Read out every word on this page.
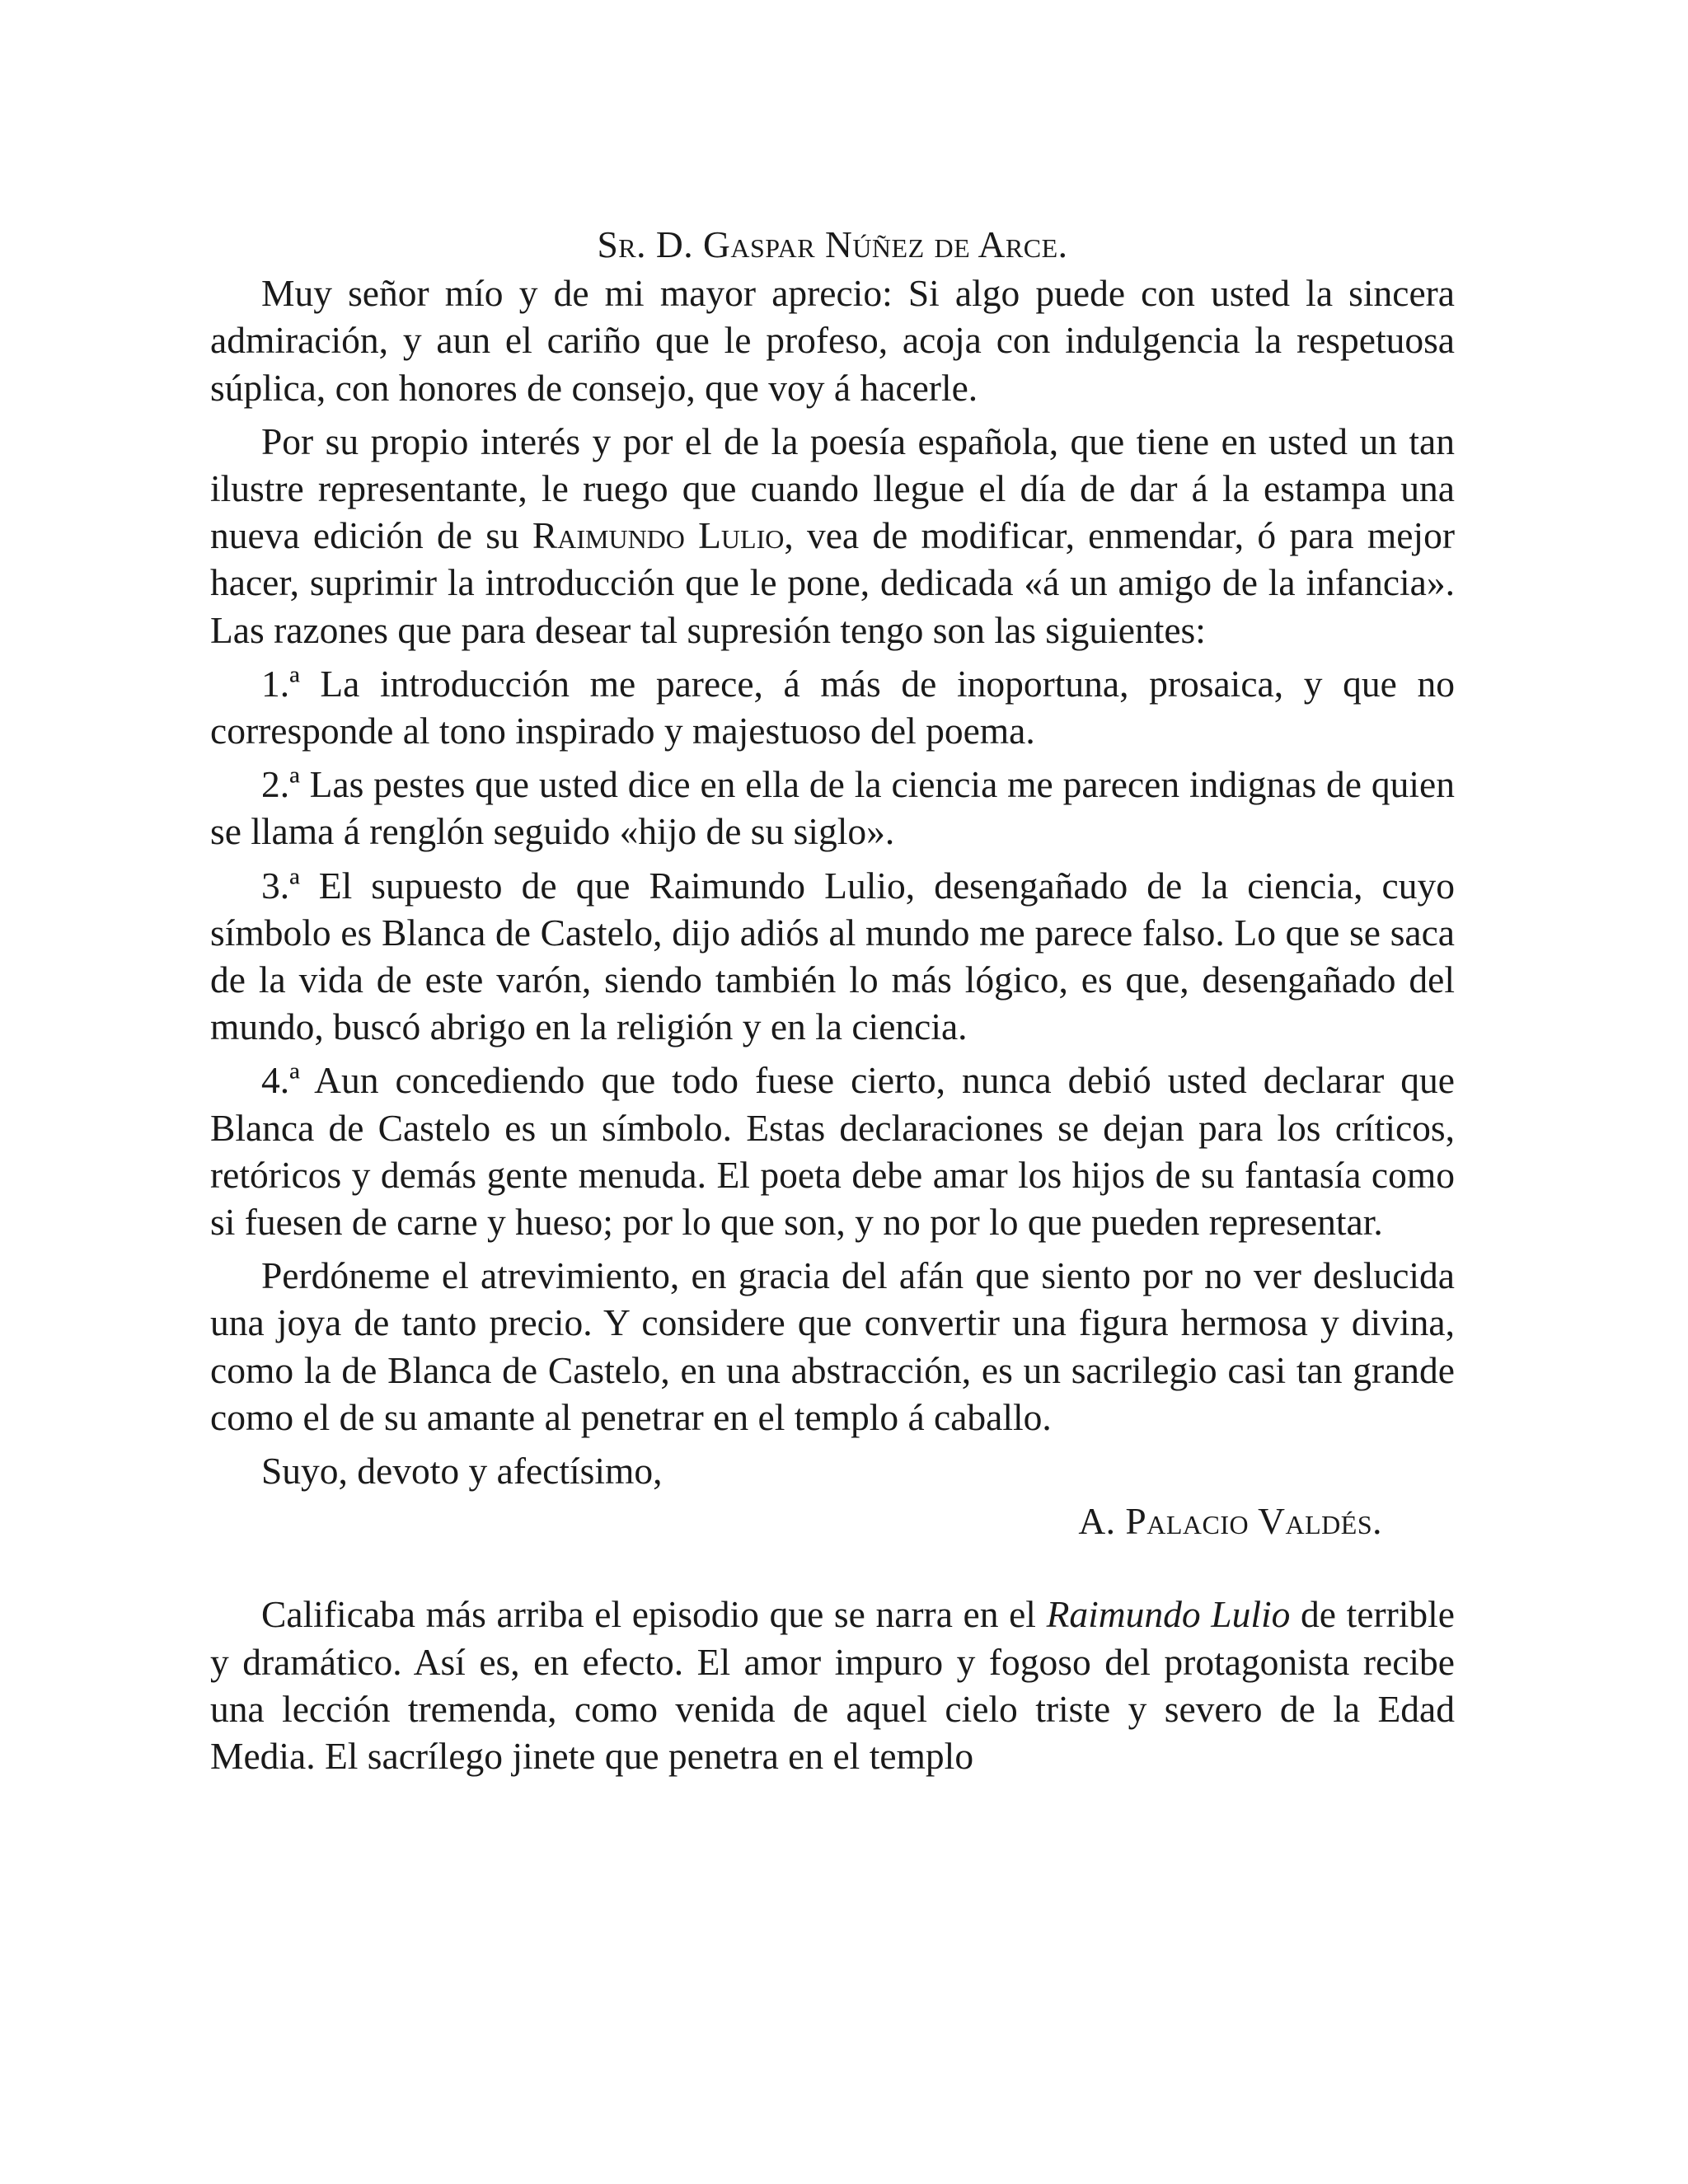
Sr. D. Gaspar Núñez de Arce.

Muy señor mío y de mi mayor aprecio: Si algo puede con usted la sincera admiración, y aun el cariño que le profeso, acoja con indulgencia la respetuosa súplica, con honores de consejo, que voy á hacerle.

Por su propio interés y por el de la poesía española, que tiene en usted un tan ilustre representante, le ruego que cuando llegue el día de dar á la estampa una nueva edición de su Raimundo Lulio, vea de modificar, enmendar, ó para mejor hacer, suprimir la introducción que le pone, dedicada «á un amigo de la infancia». Las razones que para desear tal supresión tengo son las siguientes:

1.ª La introducción me parece, á más de inoportuna, prosaica, y que no corresponde al tono inspirado y majestuoso del poema.

2.ª Las pestes que usted dice en ella de la ciencia me parecen indignas de quien se llama á renglón seguido «hijo de su siglo».

3.ª El supuesto de que Raimundo Lulio, desengañado de la ciencia, cuyo símbolo es Blanca de Castelo, dijo adiós al mundo me parece falso. Lo que se saca de la vida de este varón, siendo también lo más lógico, es que, desengañado del mundo, buscó abrigo en la religión y en la ciencia.

4.ª Aun concediendo que todo fuese cierto, nunca debió usted declarar que Blanca de Castelo es un símbolo. Estas declaraciones se dejan para los críticos, retóricos y demás gente menuda. El poeta debe amar los hijos de su fantasía como si fuesen de carne y hueso; por lo que son, y no por lo que pueden representar.

Perdóneme el atrevimiento, en gracia del afán que siento por no ver deslucida una joya de tanto precio. Y considere que convertir una figura hermosa y divina, como la de Blanca de Castelo, en una abstracción, es un sacrilegio casi tan grande como el de su amante al penetrar en el templo á caballo.

Suyo, devoto y afectísimo,

A. Palacio Valdés.

Calificaba más arriba el episodio que se narra en el Raimundo Lulio de terrible y dramático. Así es, en efecto. El amor impuro y fogoso del protagonista recibe una lección tremenda, como venida de aquel cielo triste y severo de la Edad Media. El sacrílego jinete que penetra en el templo
